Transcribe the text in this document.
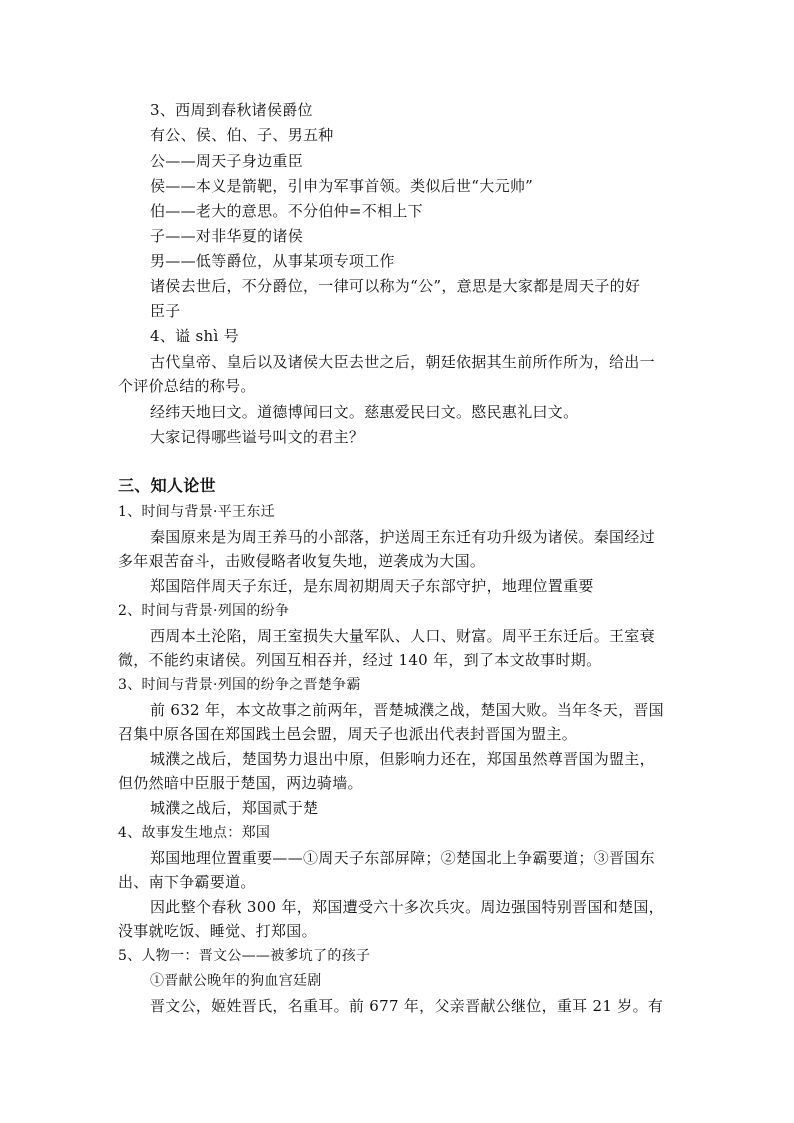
3、西周到春秋诸侯爵位
有公、侯、伯、子、男五种
公——周天子身边重臣
侯——本义是箭靶，引申为军事首领。类似后世“大元帅”
伯——老大的意思。不分伯仲=不相上下
子——对非华夏的诸侯
男——低等爵位，从事某项专项工作
诸侯去世后，不分爵位，一律可以称为“公”，意思是大家都是周天子的好
臣子
4、谥 shì 号
古代皇帝、皇后以及诸侯大臣去世之后，朝廷依据其生前所作所为，给出一
个评价总结的称号。
经纬天地曰文。道德博闻曰文。慈惠爱民曰文。愍民惠礼曰文。
大家记得哪些谥号叫文的君主？
三、知人论世
1、时间与背景·平王东迁
秦国原来是为周王养马的小部落，护送周王东迁有功升级为诸侯。秦国经过
多年艰苦奋斗，击败侵略者收复失地，逆袭成为大国。
郑国陪伴周天子东迁，是东周初期周天子东部守护，地理位置重要
2、时间与背景·列国的纷争
西周本土沦陷，周王室损失大量军队、人口、财富。周平王东迁后。王室衰
微，不能约束诸侯。列国互相吞并，经过 140 年，到了本文故事时期。
3、时间与背景·列国的纷争之晋楚争霸
前 632 年，本文故事之前两年，晋楚城濮之战，楚国大败。当年冬天，晋国
召集中原各国在郑国践土邑会盟，周天子也派出代表封晋国为盟主。
城濮之战后，楚国势力退出中原，但影响力还在，郑国虽然尊晋国为盟主，
但仍然暗中臣服于楚国，两边骑墙。
城濮之战后，郑国贰于楚
4、故事发生地点：郑国
郑国地理位置重要——①周天子东部屏障；②楚国北上争霸要道；③晋国东
出、南下争霸要道。
因此整个春秋 300 年，郑国遭受六十多次兵灾。周边强国特别晋国和楚国，
没事就吃饭、睡觉、打郑国。
5、人物一：晋文公——被爹坑了的孩子
①晋献公晚年的狗血宫廷剧
晋文公，姬姓晋氏，名重耳。前 677 年，父亲晋献公继位，重耳 21 岁。有
